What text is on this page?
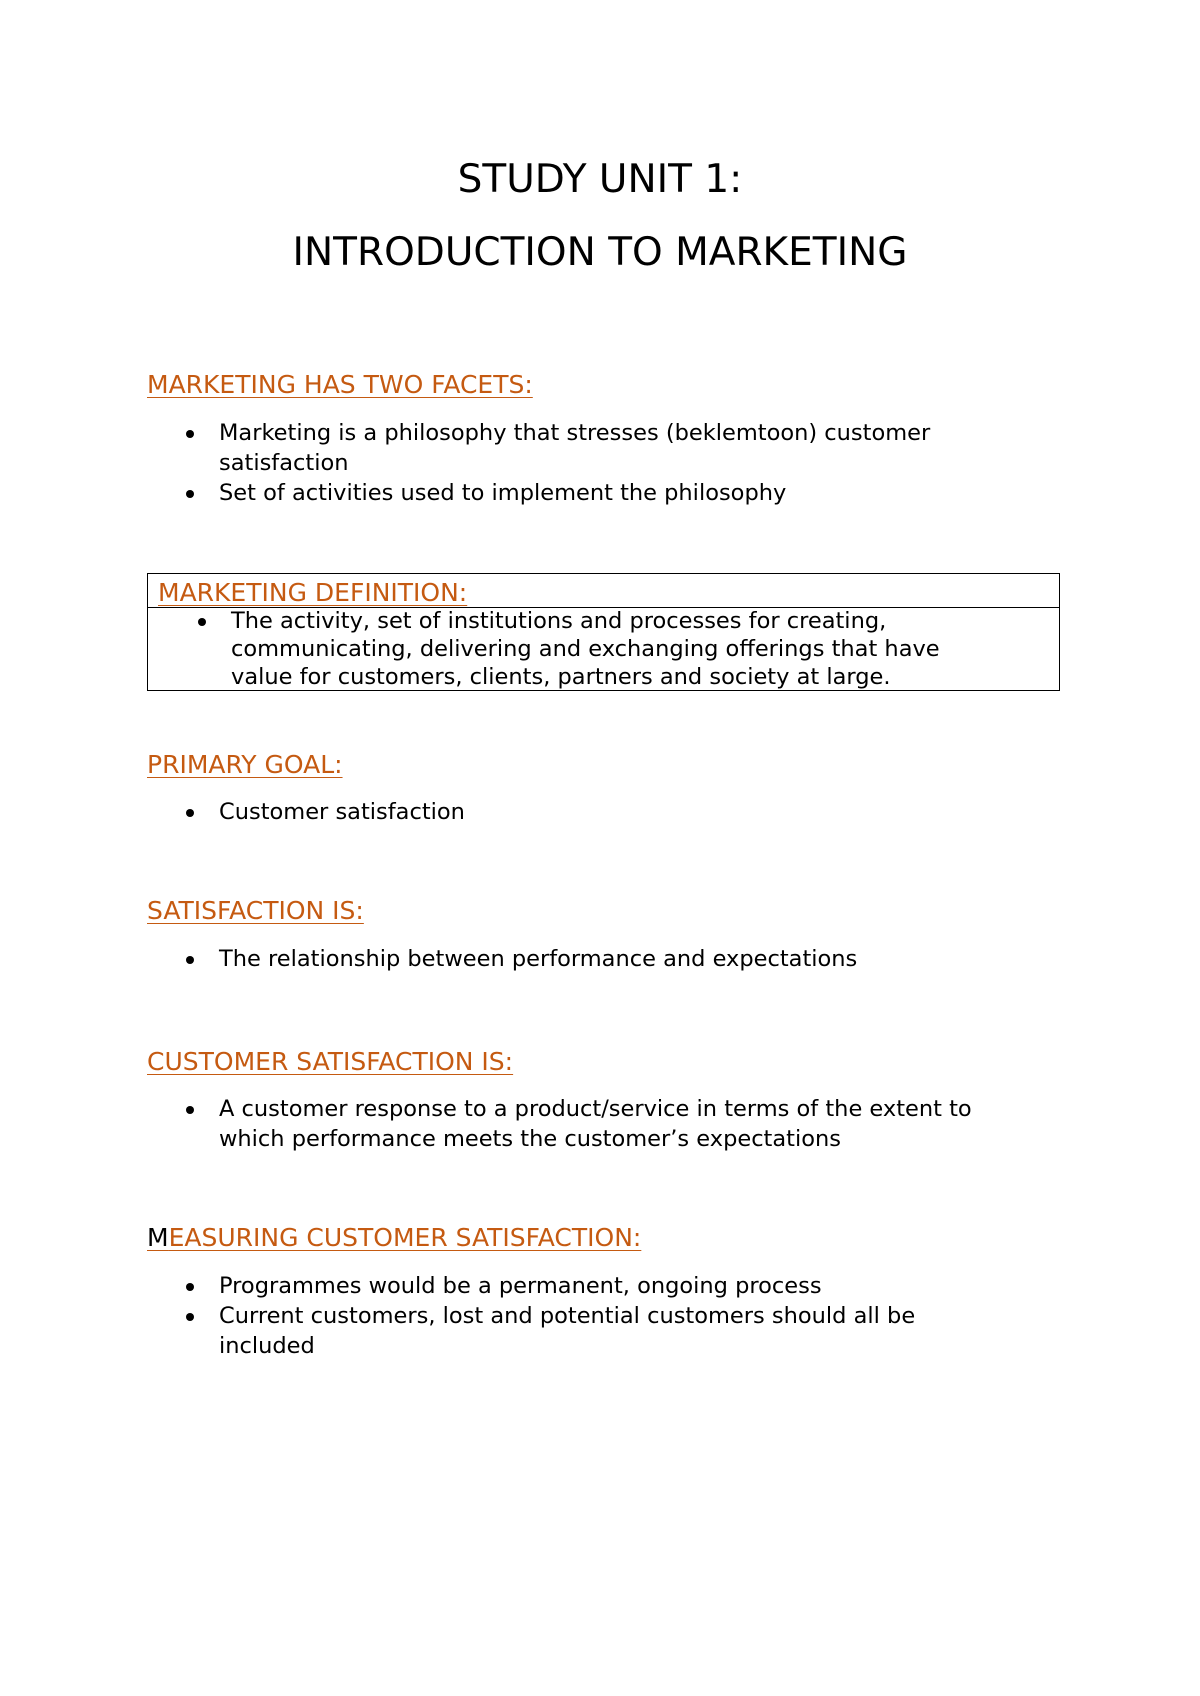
STUDY UNIT 1:
INTRODUCTION TO MARKETING
MARKETING HAS TWO FACETS:
Marketing is a philosophy that stresses (beklemtoon) customer
satisfaction
Set of activities used to implement the philosophy
MARKETING DEFINITION:
The activity, set of institutions and processes for creating,
communicating, delivering and exchanging offerings that have
value for customers, clients, partners and society at large.
PRIMARY GOAL:
Customer satisfaction
SATISFACTION IS:
The relationship between performance and expectations
CUSTOMER SATISFACTION IS:
A customer response to a product/service in terms of the extent to
which performance meets the customer’s expectations
MEASURING CUSTOMER SATISFACTION:
Programmes would be a permanent, ongoing process
Current customers, lost and potential customers should all be
included
